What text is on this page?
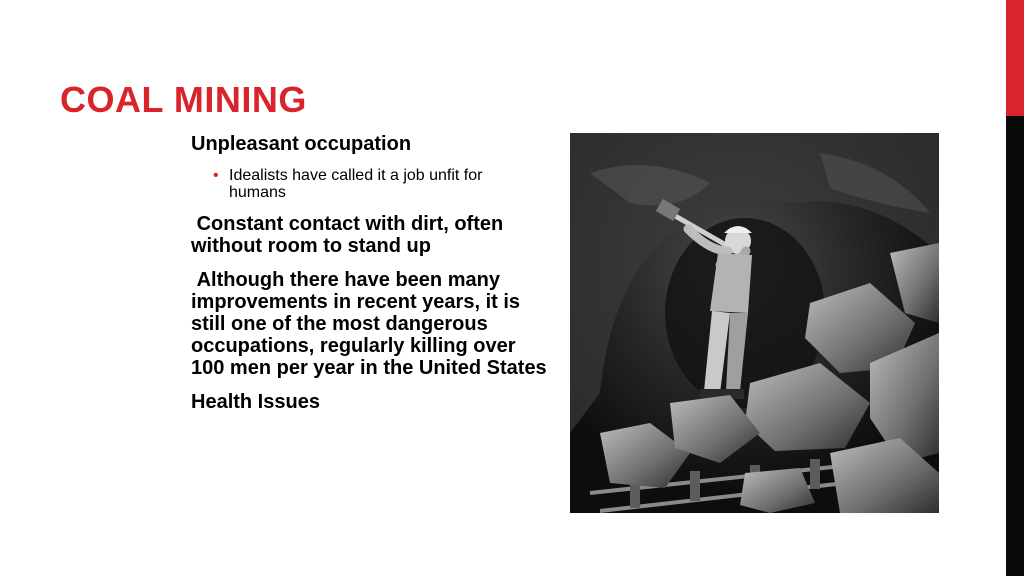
COAL MINING

Unpleasant occupation

• Idealists have called it a job unfit for humans

Constant contact with dirt, often without room to stand up

Although there have been many improvements in recent years, it is still one of the most dangerous occupations, regularly killing over 100 men per year in the United States

Health Issues
